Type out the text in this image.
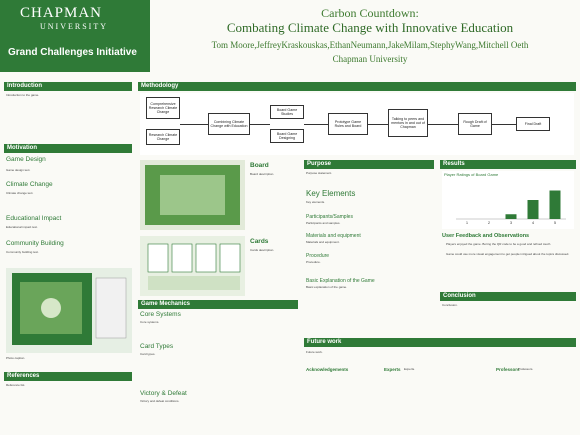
CHAPMAN
UNIVERSITY
Grand Challenges Initiative
Carbon Countdown:
Combating Climate Change with Innovative Education
Tom Moore,JeffreyKraskouskas,EthanNeumann,JakeMilam,StephyWang,Mitchell Oeth
Chapman University
Introduction
Introduction to the game.
Motivation
Game Design
Game design text.
Climate Change
Climate change text.
Educational Impact
Educational impact text.
Community Building
Community building text.
Photo caption.
References
Reference list.
Methodology
Comprehensive Research Climate Change
Research Climate Change
Combining Climate Change with Education
Board Game Studies
Board Game Designing
Prototype Game Rules and Board
Talking to peers and mentors in and out of Chapman
Rough Draft of Game
Final Draft
Board
Board description.
Cards
Cards description.
Game Mechanics
Core Systems
Core systems.
Card Types
Card types.
Victory & Defeat
Victory and defeat conditions.
Purpose
Purpose statement.
Key Elements
Key elements.
Participants/Samples
Participants and samples.
Materials and equipment
Materials and equipment.
Procedure
Procedure.
Basic Explanation of the Game
Basic explanation of the game.
Results
Player Ratings of Board Game
1	2	3	4	5
User Feedback and Observations
Players enjoyed the game. Boring the QR code to be a good and refined touch.
Game could use more visual engagement to get people intrigued about the topics discussed.
Conclusion
Conclusion.
Future work
Future work.
Acknowledgements	Experts Experts.	Professors
Professors.
